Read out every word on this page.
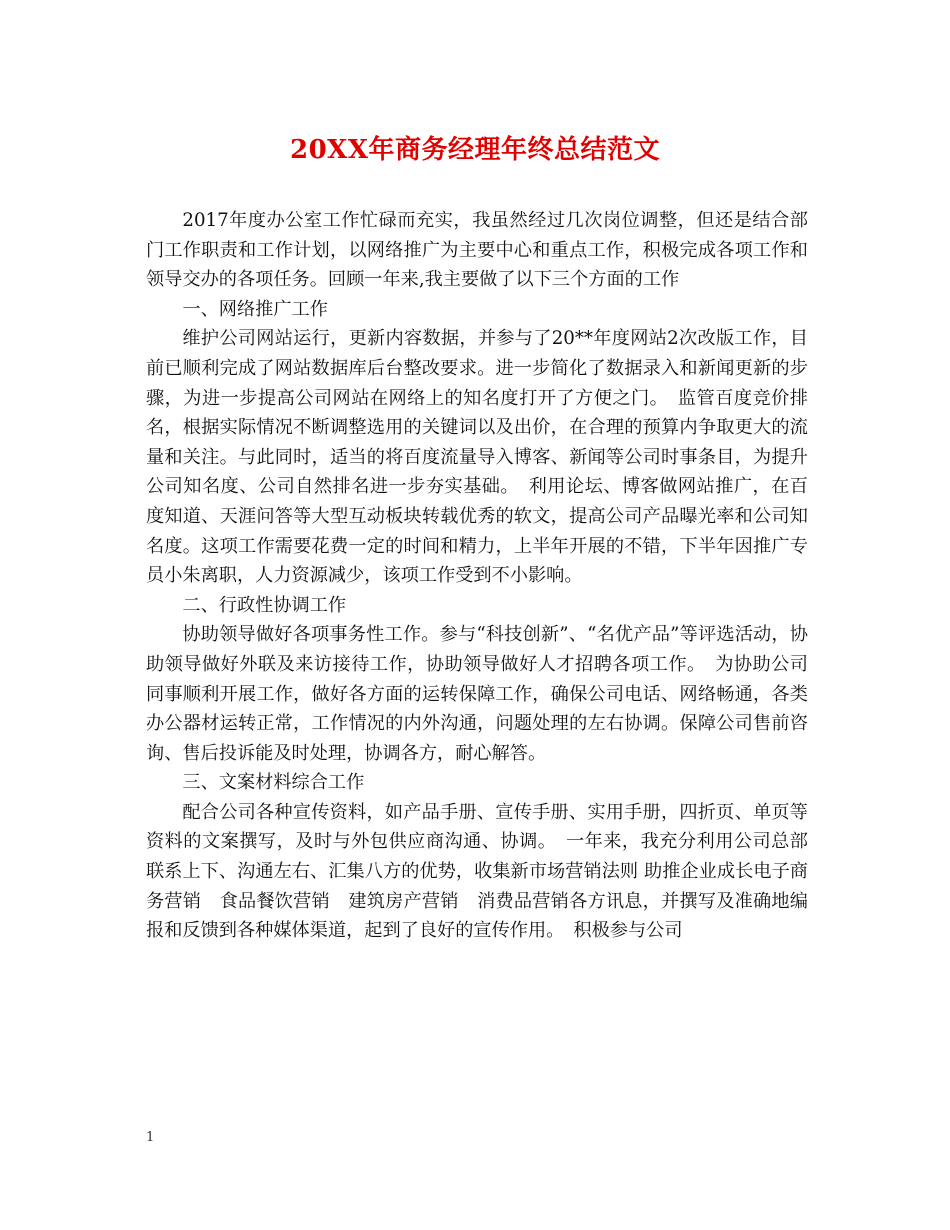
20XX年商务经理年终总结范文

2017年度办公室工作忙碌而充实，我虽然经过几次岗位调整，但还是结合部门工作职责和工作计划，以网络推广为主要中心和重点工作，积极完成各项工作和领导交办的各项任务。回顾一年来,我主要做了以下三个方面的工作

一、网络推广工作

维护公司网站运行，更新内容数据，并参与了20**年度网站2次改版工作，目前已顺利完成了网站数据库后台整改要求。进一步简化了数据录入和新闻更新的步骤，为进一步提高公司网站在网络上的知名度打开了方便之门。　监管百度竞价排名，根据实际情况不断调整选用的关键词以及出价，在合理的预算内争取更大的流量和关注。与此同时，适当的将百度流量导入博客、新闻等公司时事条目，为提升公司知名度、公司自然排名进一步夯实基础。　利用论坛、博客做网站推广，在百度知道、天涯问答等大型互动板块转载优秀的软文，提高公司产品曝光率和公司知名度。这项工作需要花费一定的时间和精力，上半年开展的不错，下半年因推广专员小朱离职，人力资源减少，该项工作受到不小影响。

二、行政性协调工作

协助领导做好各项事务性工作。参与“科技创新”、“名优产品”等评选活动，协助领导做好外联及来访接待工作，协助领导做好人才招聘各项工作。　为协助公司同事顺利开展工作，做好各方面的运转保障工作，确保公司电话、网络畅通，各类办公器材运转正常，工作情况的内外沟通，问题处理的左右协调。保障公司售前咨询、售后投诉能及时处理，协调各方，耐心解答。

三、文案材料综合工作

配合公司各种宣传资料，如产品手册、宣传手册、实用手册，四折页、单页等资料的文案撰写，及时与外包供应商沟通、协调。　一年来，我充分利用公司总部联系上下、沟通左右、汇集八方的优势，收集新市场营销法则 助推企业成长电子商务营销　食品餐饮营销　建筑房产营销　消费品营销各方讯息，并撰写及准确地编报和反馈到各种媒体渠道，起到了良好的宣传作用。　积极参与公司

1
